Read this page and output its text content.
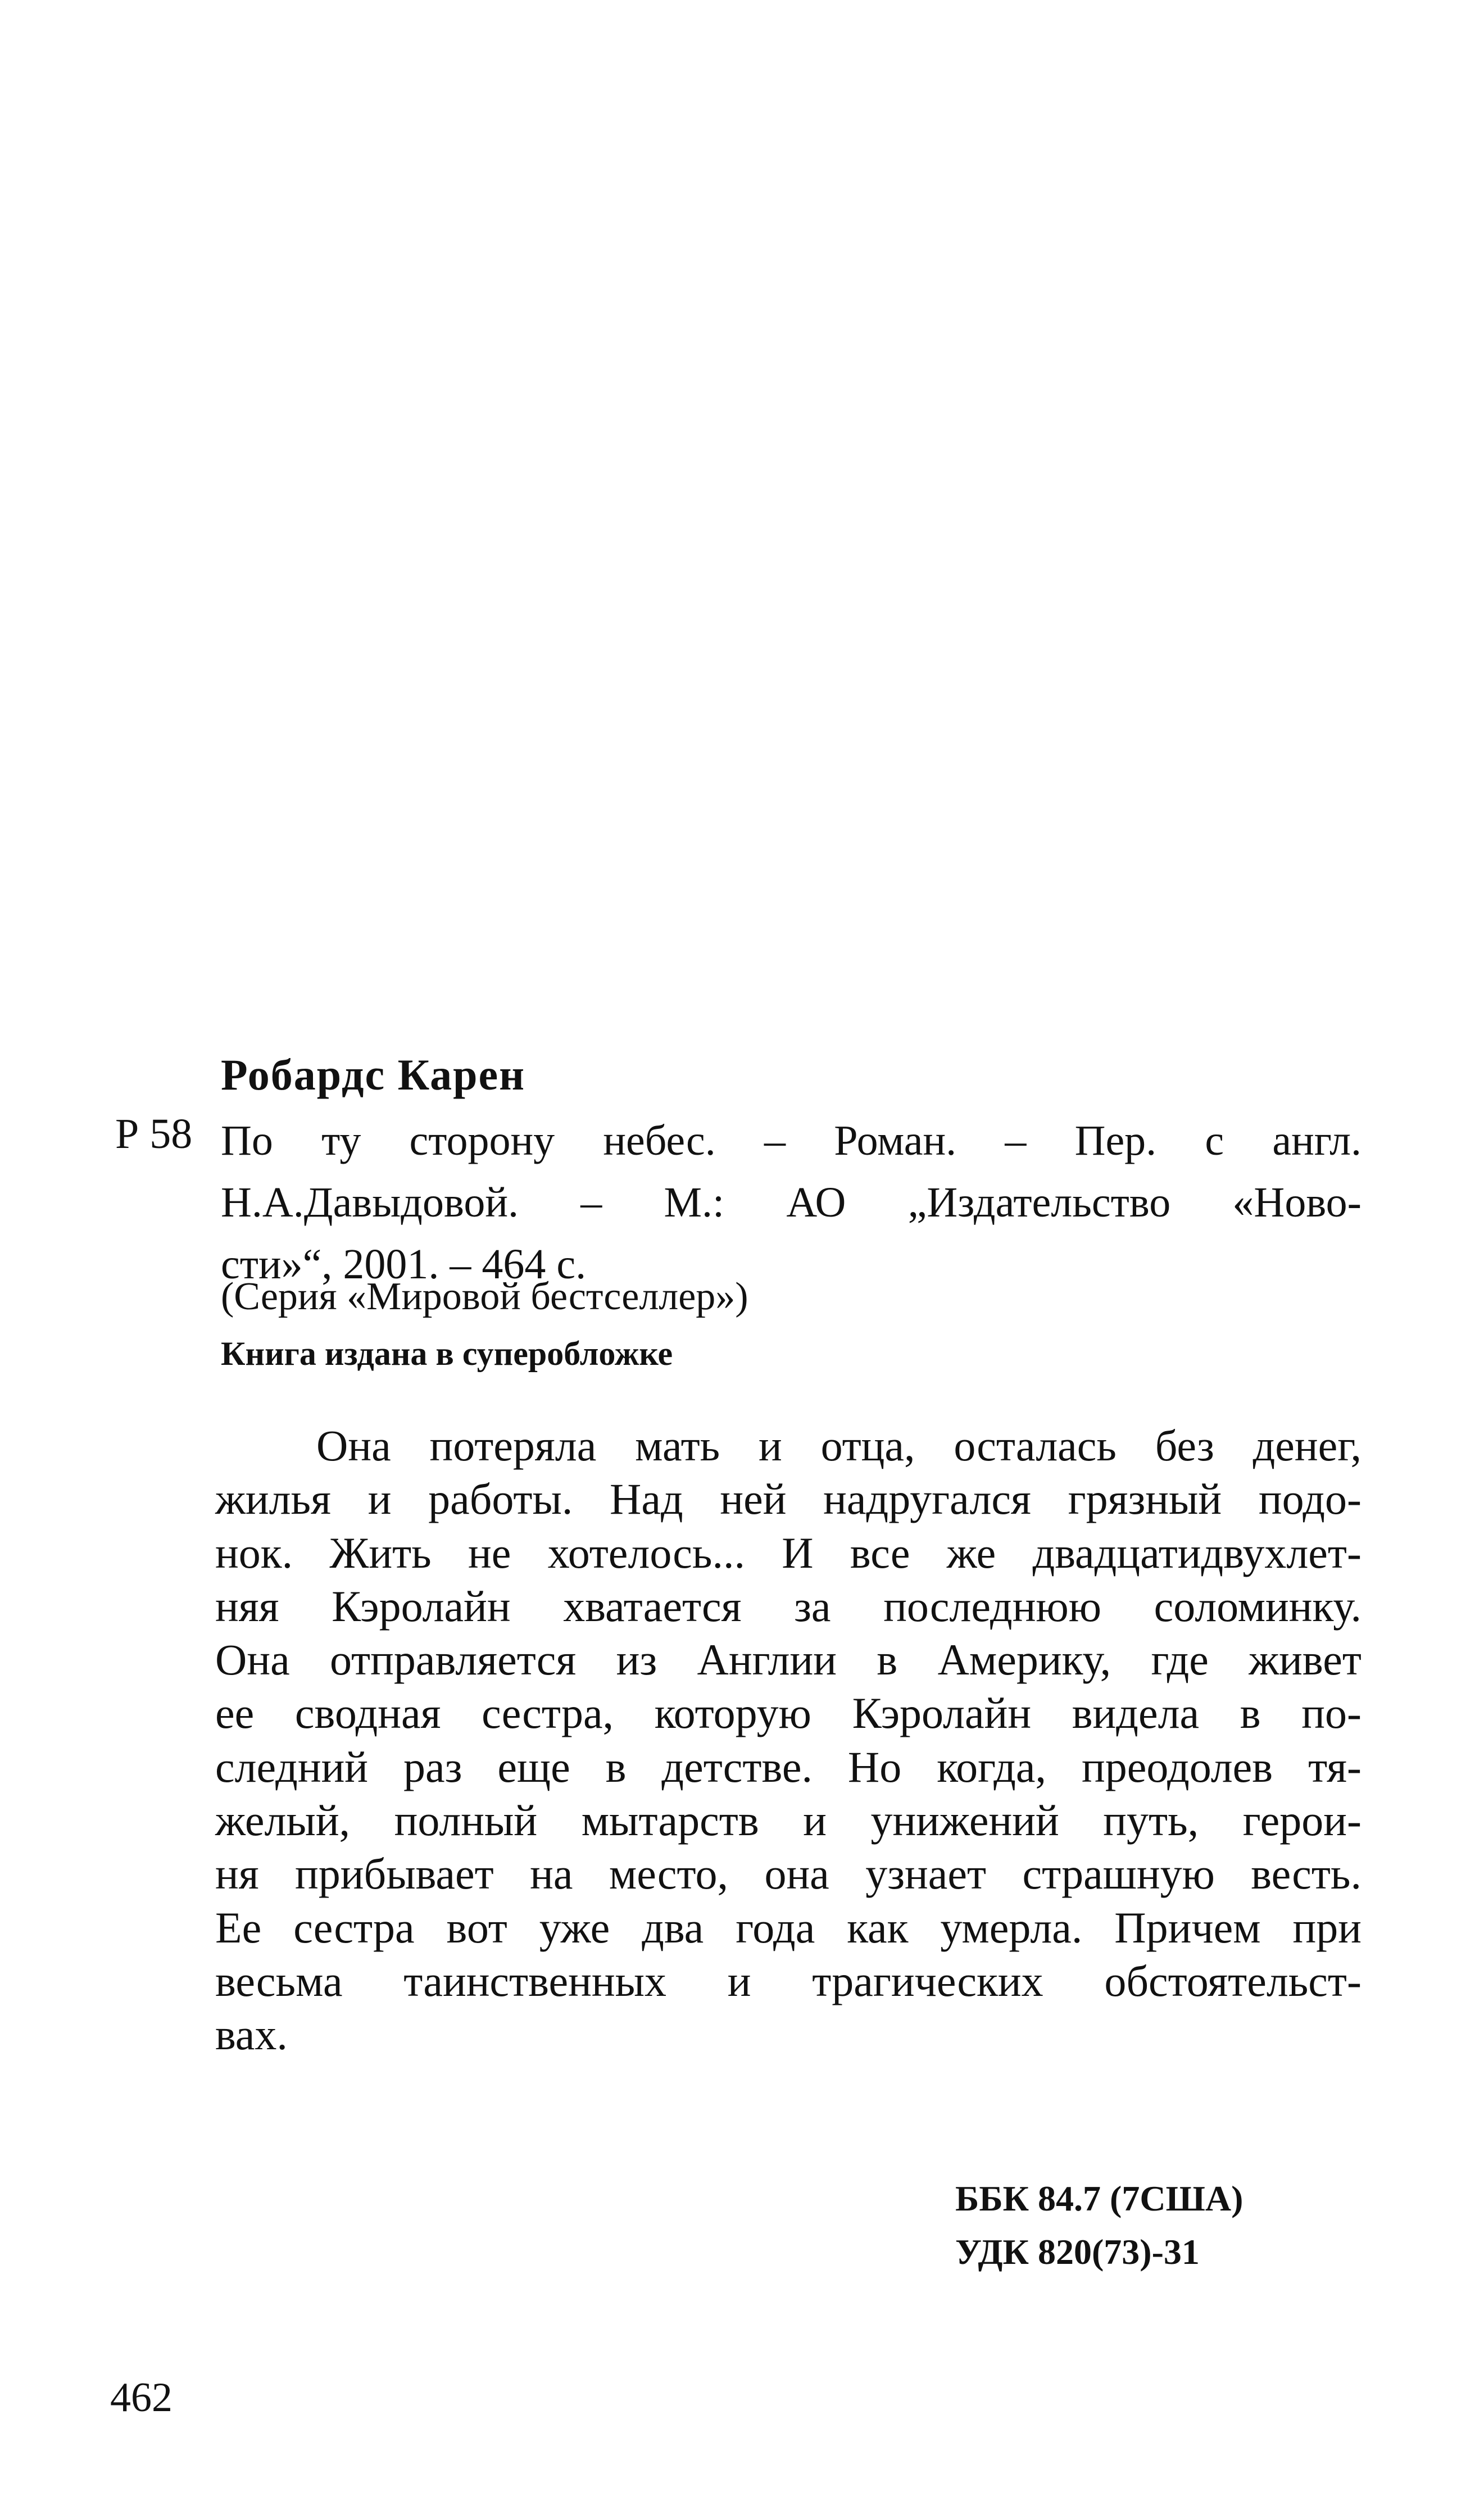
Робардс Карен
Р 58 По ту сторону небес. – Роман. – Пер. с англ.
Н.А.Давыдовой. – М.: АО „Издательство «Ново-
сти»“, 2001. – 464 с.
(Серия «Мировой бестселлер»)
Книга издана в суперобложке
Она потеряла мать и отца, осталась без денег,
жилья и работы. Над ней надругался грязный подо-
нок. Жить не хотелось... И все же двадцатидвухлет-
няя Кэролайн хватается за последнюю соломинку.
Она отправляется из Англии в Америку, где живет
ее сводная сестра, которую Кэролайн видела в по-
следний раз еще в детстве. Но когда, преодолев тя-
желый, полный мытарств и унижений путь, герои-
ня прибывает на место, она узнает страшную весть.
Ее сестра вот уже два года как умерла. Причем при
весьма таинственных и трагических обстоятельст-
вах.
ББК 84.7 (7США)
УДК 820(73)-31
462
